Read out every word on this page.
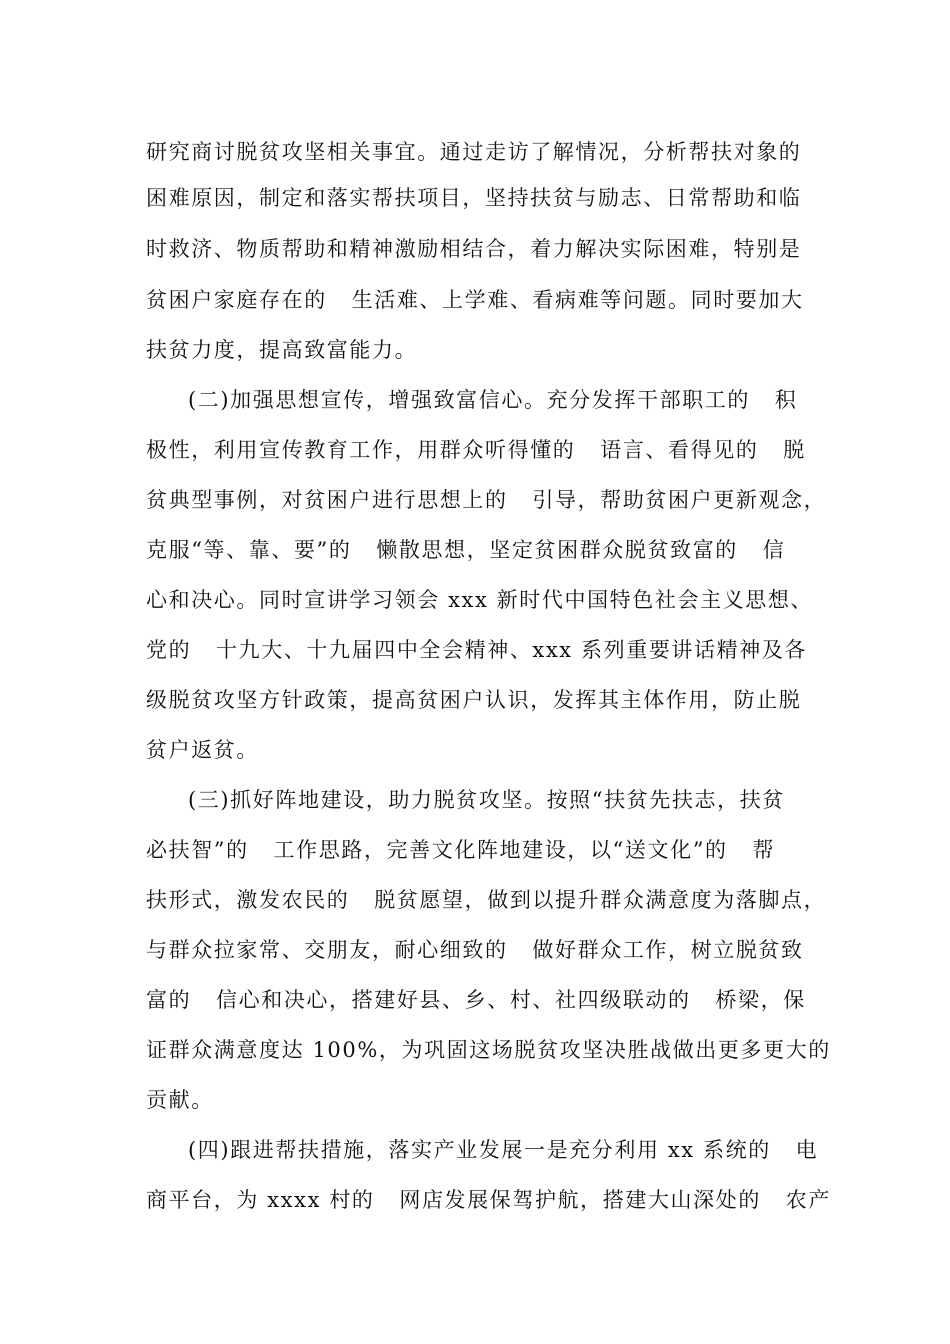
研究商讨脱贫攻坚相关事宜。通过走访了解情况，分析帮扶对象的
困难原因，制定和落实帮扶项目，坚持扶贫与励志、日常帮助和临
时救济、物质帮助和精神激励相结合，着力解决实际困难，特别是
贫困户家庭存在的   生活难、上学难、看病难等问题。同时要加大
扶贫力度，提高致富能力。
(二)加强思想宣传，增强致富信心。充分发挥干部职工的   积
极性，利用宣传教育工作，用群众听得懂的   语言、看得见的   脱
贫典型事例，对贫困户进行思想上的   引导，帮助贫困户更新观念，
克服“等、靠、要”的   懒散思想，坚定贫困群众脱贫致富的   信
心和决心。同时宣讲学习领会 xxx 新时代中国特色社会主义思想、
党的   十九大、十九届四中全会精神、xxx 系列重要讲话精神及各
级脱贫攻坚方针政策，提高贫困户认识，发挥其主体作用，防止脱
贫户返贫。
(三)抓好阵地建设，助力脱贫攻坚。按照“扶贫先扶志，扶贫
必扶智”的   工作思路，完善文化阵地建设，以“送文化”的   帮
扶形式，激发农民的   脱贫愿望，做到以提升群众满意度为落脚点，
与群众拉家常、交朋友，耐心细致的   做好群众工作，树立脱贫致
富的   信心和决心，搭建好县、乡、村、社四级联动的   桥梁，保
证群众满意度达 100%，为巩固这场脱贫攻坚决胜战做出更多更大的
贡献。
(四)跟进帮扶措施，落实产业发展一是充分利用 xx 系统的   电
商平台，为 xxxx 村的   网店发展保驾护航，搭建大山深处的   农产
